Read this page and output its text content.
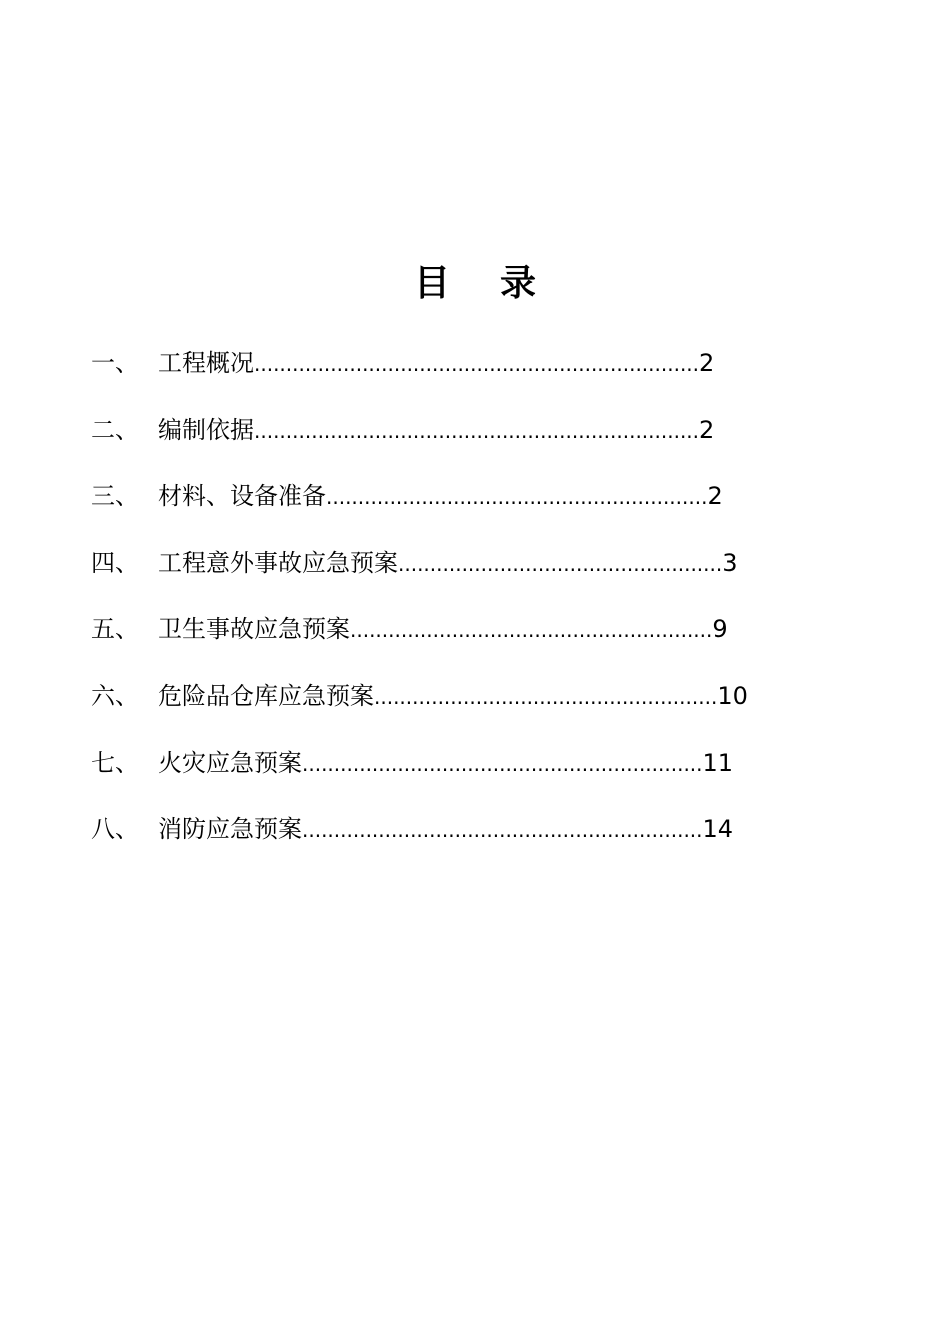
目 录
一、 工程概况......................................................................2
二、 编制依据......................................................................2
三、 材料、设备准备............................................................2
四、 工程意外事故应急预案...................................................3
五、 卫生事故应急预案.........................................................9
六、 危险品仓库应急预案......................................................10
七、 火灾应急预案...............................................................11
八、 消防应急预案...............................................................14
